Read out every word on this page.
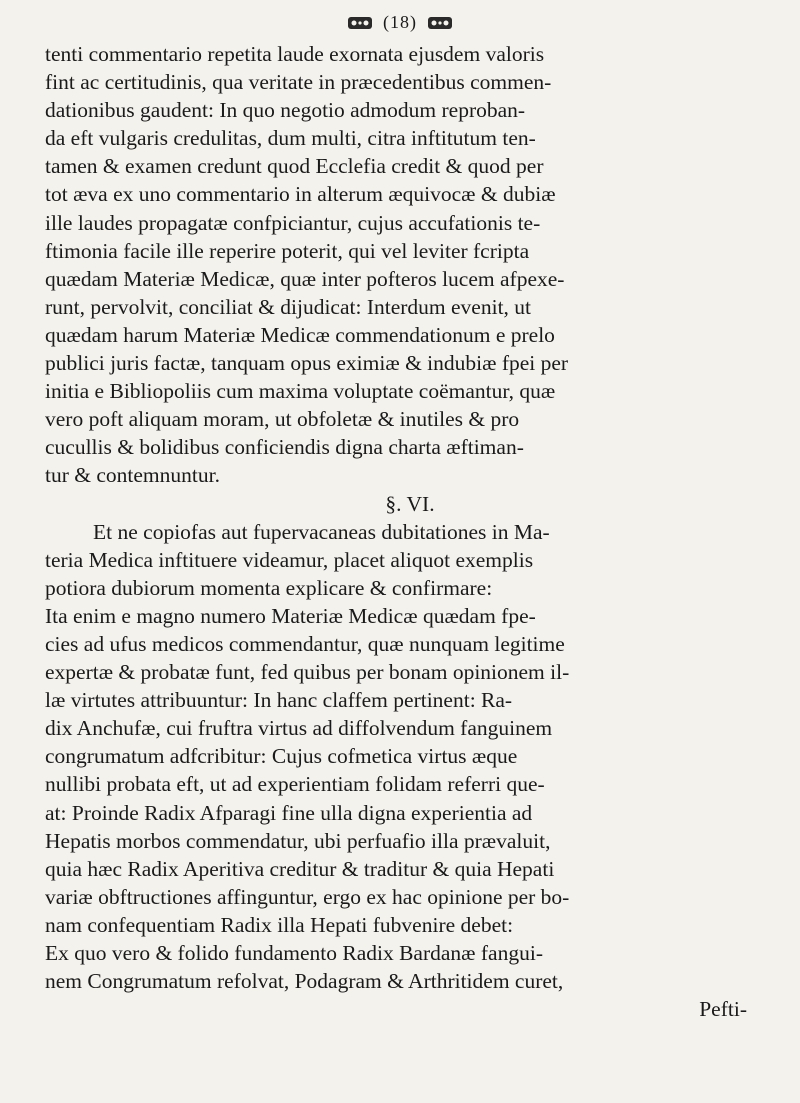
(18)
tenti commentario repetita laude exornata ejusdem valoris
fint ac certitudinis, qua veritate in præcedentibus commen-
dationibus gaudent: In quo negotio admodum reproban-
da eft vulgaris credulitas, dum multi, citra inftitutum ten-
tamen & examen credunt quod Ecclefia credit & quod per
tot æva ex uno commentario in alterum æquivocæ & dubiæ
ille laudes propagatæ confpiciantur, cujus accufationis te-
ftimonia facile ille reperire poterit, qui vel leviter fcripta
quædam Materiæ Medicæ, quæ inter pofteros lucem afpexe-
runt, pervolvit, conciliat & dijudicat: Interdum evenit, ut
quædam harum Materiæ Medicæ commendationum e prelo
publici juris factæ, tanquam opus eximiæ & indubiæ fpei per
initia e Bibliopoliis cum maxima voluptate coëmantur, quæ
vero poft aliquam moram, ut obfoletæ & inutiles & pro
cucullis & bolidibus conficiendis digna charta æftiman-
tur & contemnuntur.
§. VI.
Et ne copiofas aut fupervacaneas dubitationes in Ma-
teria Medica inftituere videamur, placet aliquot exemplis
potiora dubiorum momenta explicare & confirmare:
Ita enim e magno numero Materiæ Medicæ quædam fpe-
cies ad ufus medicos commendantur, quæ nunquam legitime
expertæ & probatæ funt, fed quibus per bonam opinionem il-
læ virtutes attribuuntur: In hanc claffem pertinent: Ra-
dix Anchufæ, cui fruftra virtus ad diffolvendum fanguinem
congrumatum adfcribitur: Cujus cofmetica virtus æque
nullibi probata eft, ut ad experientiam folidam referri que-
at: Proinde Radix Afparagi fine ulla digna experientia ad
Hepatis morbos commendatur, ubi perfuafio illa prævaluit,
quia hæc Radix Aperitiva creditur & traditur & quia Hepati
variæ obftructiones affinguntur, ergo ex hac opinione per bo-
nam confequentiam Radix illa Hepati fubvenire debet:
Ex quo vero & folido fundamento Radix Bardanæ fangui-
nem Congrumatum refolvat, Podagram & Arthritidem curet,
Pefti-
